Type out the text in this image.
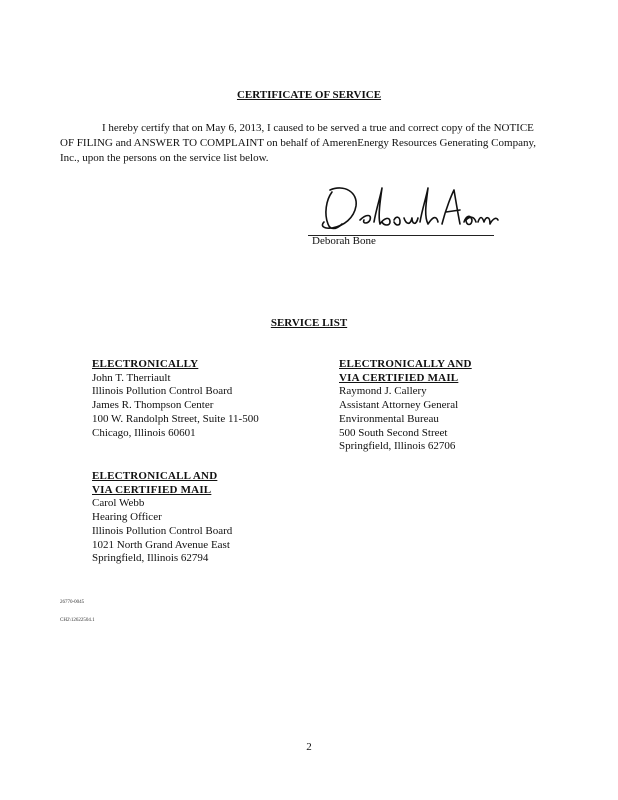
CERTIFICATE OF SERVICE
I hereby certify that on May 6, 2013, I caused to be served a true and correct copy of the NOTICE OF FILING and ANSWER TO COMPLAINT on behalf of AmerenEnergy Resources Generating Company, Inc., upon the persons on the service list below.
Deborah Bone
SERVICE LIST
ELECTRONICALLY
John T. Therriault
Illinois Pollution Control Board
James R. Thompson Center
100 W. Randolph Street, Suite 11-500
Chicago, Illinois 60601
ELECTRONICALLY AND
VIA CERTIFIED MAIL
Raymond J. Callery
Assistant Attorney General
Environmental Bureau
500 South Second Street
Springfield, Illinois 62706
ELECTRONICALL AND
VIA CERTIFIED MAIL
Carol Webb
Hearing Officer
Illinois Pollution Control Board
1021 North Grand Avenue East
Springfield, Illinois 62794
26770-0045
CH2\12622504.1
2
